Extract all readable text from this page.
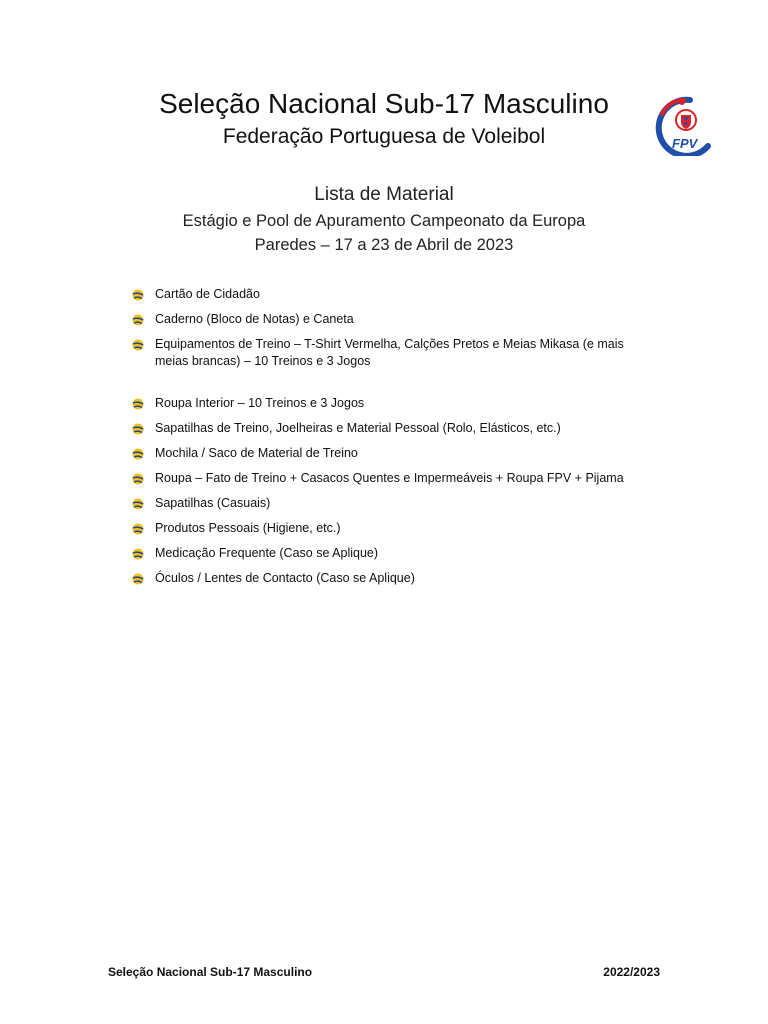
Seleção Nacional Sub-17 Masculino
Federação Portuguesa de Voleibol	FPV
Lista de Material
Estágio e Pool de Apuramento Campeonato da Europa
Paredes – 17 a 23 de Abril de 2023
Cartão de Cidadão
Caderno (Bloco de Notas) e Caneta
Equipamentos de Treino – T-Shirt Vermelha, Calções Pretos e Meias Mikasa (e mais meias brancas) – 10 Treinos e 3 Jogos
Roupa Interior – 10 Treinos e 3 Jogos
Sapatilhas de Treino, Joelheiras e Material Pessoal (Rolo, Elásticos, etc.)
Mochila / Saco de Material de Treino
Roupa – Fato de Treino + Casacos Quentes e Impermeáveis + Roupa FPV + Pijama
Sapatilhas (Casuais)
Produtos Pessoais (Higiene, etc.)
Medicação Frequente (Caso se Aplique)
Óculos / Lentes de Contacto (Caso se Aplique)
Seleção Nacional Sub-17 Masculino	2022/2023
